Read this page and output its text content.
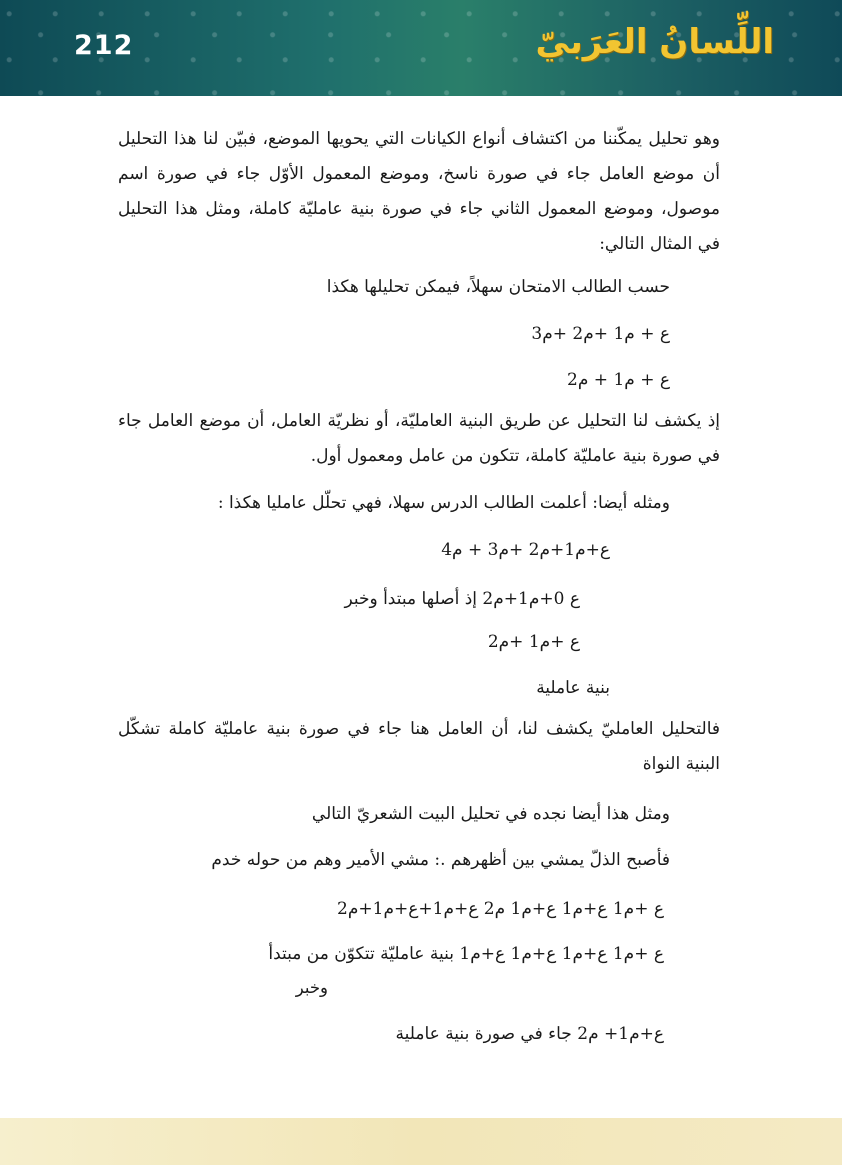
212	اللِّسانُ العَرَبيّ

وهو تحليل يمكّننا من اكتشاف أنواع الكيانات التي يحويها الموضع، فبيّن لنا هذا التحليل أن موضع العامل جاء في صورة ناسخ، وموضع المعمول الأوّل جاء في صورة اسم موصول، وموضع المعمول الثاني جاء في صورة بنية عامليّة كاملة، ومثل هذا التحليل في المثال التالي:

حسب الطالب الامتحان سهلاً، فيمكن تحليلها هكذا
ع + م1 +م2 +م3
ع + م1 + م2

إذ يكشف لنا التحليل عن طريق البنية العامليّة، أو نظريّة العامل، أن موضع العامل جاء في صورة بنية عامليّة كاملة، تتكون من عامل ومعمول أول.

ومثله أيضا: أعلمت الطالب الدرس سهلا، فهي تحلّل عامليا هكذا :
ع+م1+م2 +م3 + م4
ع 0+م1+م2 إذ أصلها مبتدأ وخبر
ع +م1 +م2
بنية عاملية

فالتحليل العامليّ يكشف لنا، أن العامل هنا جاء في صورة بنية عامليّة كاملة تشكّل البنية النواة

ومثل هذا أيضا نجده في تحليل البيت الشعريّ التالي
فأصبح الذلّ يمشي بين أظهرهم .: مشي الأمير وهم من حوله خدم
ع +م1 ع+م1 ع+م1 م2 ع+م1+ع+م1+م2
ع +م1 ع+م1 ع+م1 ع+م1 بنية عامليّة تتكوّن من مبتدأ
وخبر
ع+م1+ م2 جاء في صورة بنية عاملية
